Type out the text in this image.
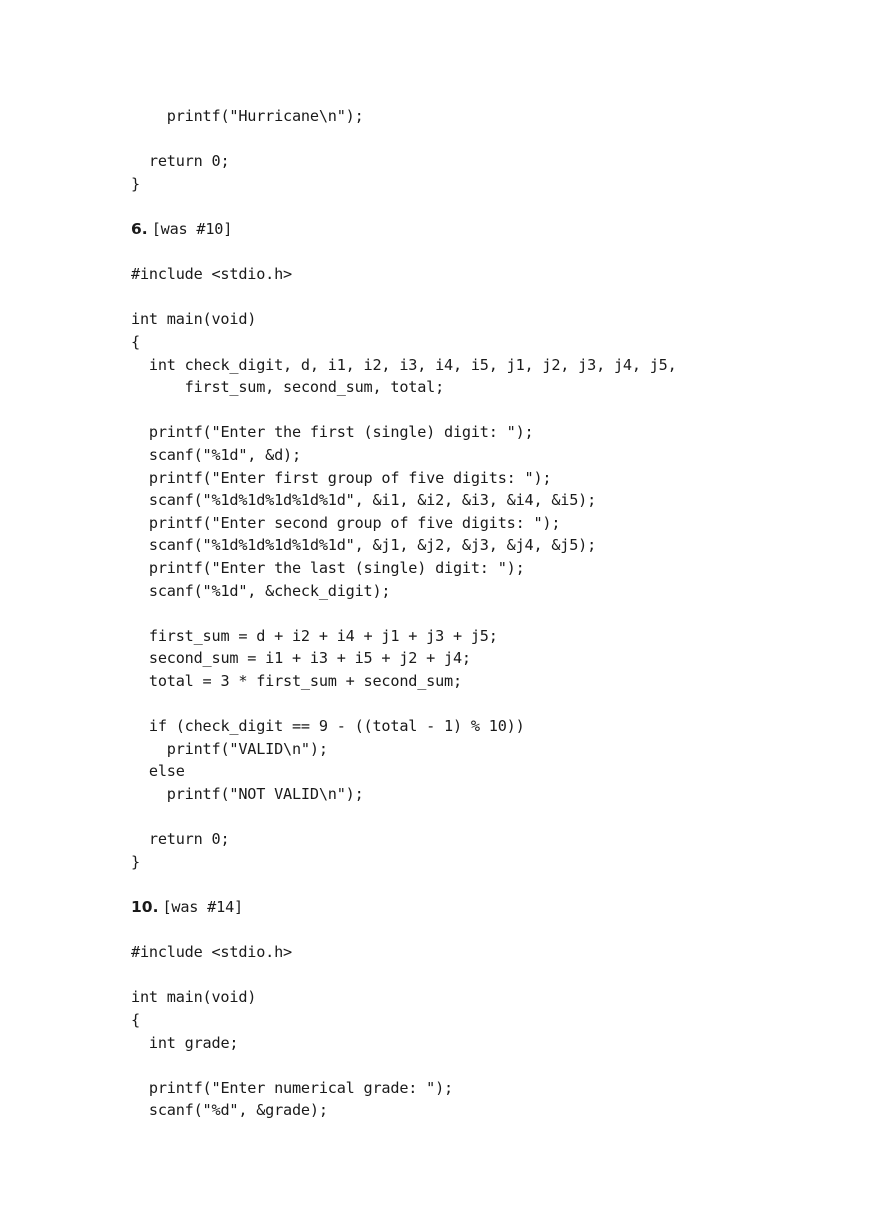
printf("Hurricane\n");
return 0;
}
6. [was #10]
#include <stdio.h>
int main(void)
{
int check_digit, d, i1, i2, i3, i4, i5, j1, j2, j3, j4, j5,
first_sum, second_sum, total;
printf("Enter the first (single) digit: ");
scanf("%1d", &d);
printf("Enter first group of five digits: ");
scanf("%1d%1d%1d%1d%1d", &i1, &i2, &i3, &i4, &i5);
printf("Enter second group of five digits: ");
scanf("%1d%1d%1d%1d%1d", &j1, &j2, &j3, &j4, &j5);
printf("Enter the last (single) digit: ");
scanf("%1d", &check_digit);
first_sum = d + i2 + i4 + j1 + j3 + j5;
second_sum = i1 + i3 + i5 + j2 + j4;
total = 3 * first_sum + second_sum;
if (check_digit == 9 - ((total - 1) % 10))
printf("VALID\n");
else
printf("NOT VALID\n");
return 0;
}
10. [was #14]
#include <stdio.h>
int main(void)
{
int grade;
printf("Enter numerical grade: ");
scanf("%d", &grade);
